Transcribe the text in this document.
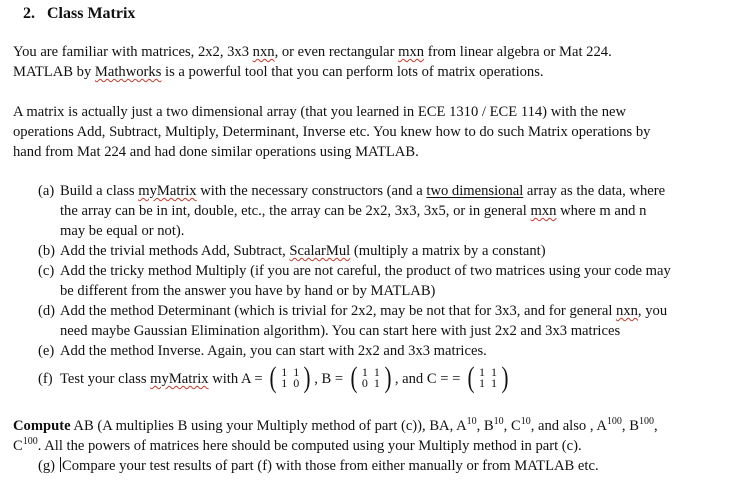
2.   Class Matrix
You are familiar with matrices, 2x2, 3x3 nxn, or even rectangular mxn from linear algebra or Mat 224.
MATLAB by Mathworks is a powerful tool that you can perform lots of matrix operations.
A matrix is actually just a two dimensional array (that you learned in ECE 1310 / ECE 114) with the new
operations Add, Subtract, Multiply, Determinant, Inverse etc. You knew how to do such Matrix operations by
hand from Mat 224 and had done similar operations using MATLAB.
(a) Build a class myMatrix with the necessary constructors (and a two dimensional array as the data, where
the array can be in int, double, etc., the array can be 2x2, 3x3, 3x5, or in general mxn where m and n
may be equal or not).
(b) Add the trivial methods Add, Subtract, ScalarMul (multiply a matrix by a constant)
(c) Add the tricky method Multiply (if you are not careful, the product of two matrices using your code may
be different from the answer you have by hand or by MATLAB)
(d) Add the method Determinant (which is trivial for 2x2, may be not that for 3x3, and for general nxn, you
need maybe Gaussian Elimination algorithm). You can start here with just 2x2 and 3x3 matrices
(e) Add the method Inverse. Again, you can start with 2x2 and 3x3 matrices.
(f) Test your class myMatrix with A = ( 1 1
1 0 ) , B = ( 1 1
0 1 ) , and C = = ( 1 1
1 1 )
Compute AB (A multiplies B using your Multiply method of part (c)), BA, $A^{10}$, $B^{10}$, $C^{10}$, and also , $A^{100}$, $B^{100}$,
$C^{100}$. All the powers of matrices here should be computed using your Multiply method in part (c).
(g) Compare your test results of part (f) with those from either manually or from MATLAB etc.
